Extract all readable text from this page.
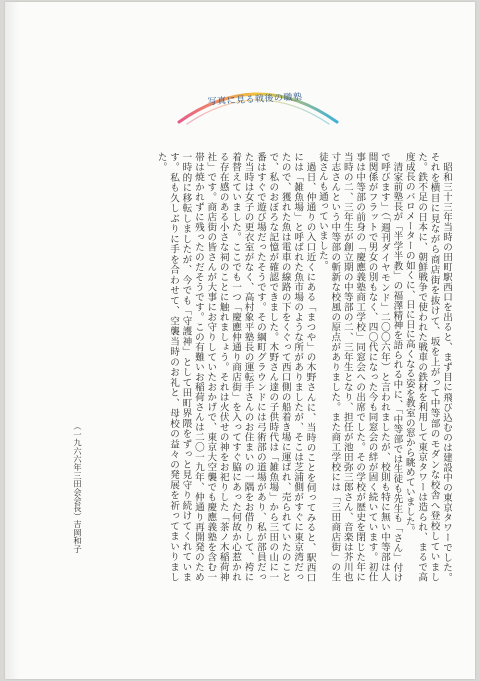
写真に見る戦後の職塾

昭和三十三年当時の田町駅西口を出ると、まず目に飛び込むのは建設中の東京タワーでした。それを横目に見ながら商店街を抜けて、坂を上がって中等部のモダンな校舎へ登校していました。鉄不足の日本に、朝鮮戦争で使われた戦車の鉄材を利用して東京タワーは造られ、まるで高度成長のバロメーターの如くに、日に日に高くなる姿を教室の窓から眺めていました。

清家前塾長が「半学半教」の福澤精神を語られる中に、「中等部では生徒も先生も「さん」付けで呼びます」（「週刊ダイヤモンド」二〇〇六年）と言われましたが、校則も特に無い中等部は人間関係がフラットで男女の別もなく、四〇代になった今も同窓会の絆が固く続いています。初仕事は中等部の前身の「慶應義塾商工学校」同窓会への出席でした。その学校が歴史を閉じた年に当時の二、三年生が創立期の中等部の二、三年生となり、担任が池田弥三郎さん、音楽は芥川也寸志さんという中等部の斬新な校風の原点がありました。また商工学校には「三田商店街」の生徒さんも通っていました。

過日、仲通りの入口近くにある「まつや」の木野さんに、当時のことを伺ってみると、駅西口には「雑魚場」と呼ばれた魚市場のような所がありましたが、そこは芝浦側がすぐに東京湾だったので、獲れた魚は電車の線路の下をくぐって西口側の船着き場に運ばれ、売られていたのことで、私のおぼろな記憶が確認できました。木野さん達の子供時代は「雑魚場」から三田の山に一番はすぐで遊び場だったそうです。その綱町グラウンドには弓術部の道場があり、私が部員だった当時は女子の更衣室がなく、高村象平塾長の運転手さんのお住まいの一隅をお借りして、袴に着替えていました。ここでも一つ「慶應仲通り商店街」を入ってすぐ脇にあった何故か心惹かれる存在感のある小さな祠のことに触れましょう。それは火伏せの神をお祀りした「茶ノ木稲荷神社」です。商店街の皆さんが大事にお守りしていたおかげで、東京大空襲でも慶應義塾を含む一帯は焼かれずに残ったのだそうです。この有難いお稲荷さんは二〇一九年、仲通り再開発のため一時的に移転しましたが、今でも「守護神」として田町界隈をずっと見守り続けてくれています。私も久しぶりに手を合わせて、空襲当時のお礼と、母校の益々の発展を祈ってまいりました。

（一九六六年三田会会長）
吉岡和子
